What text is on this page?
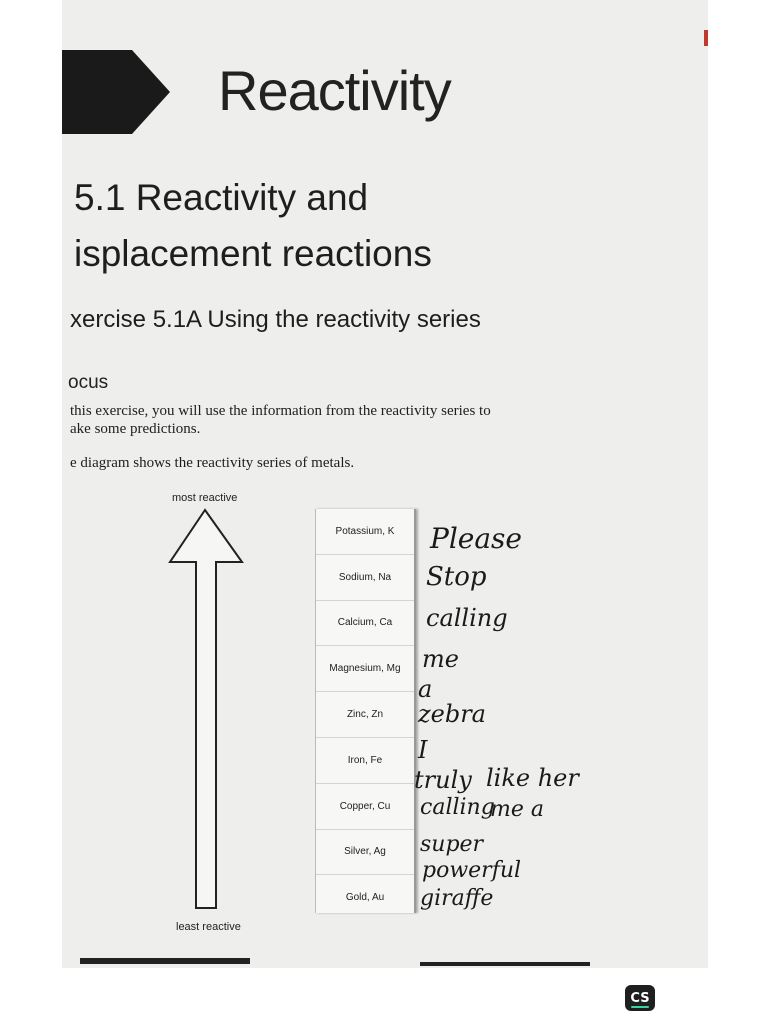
Reactivity
5.1 Reactivity and
isplacement reactions
xercise 5.1A Using the reactivity series
ocus

this exercise, you will use the information from the reactivity series to
ake some predictions.

e diagram shows the reactivity series of metals.

most reactive
least reactive
Potassium, K
Sodium, Na
Calcium, Ca
Magnesium, Mg
Zinc, Zn
Iron, Fe
Copper, Cu
Silver, Ag
Gold, Au
Please
Stop
calling
me
a
zebra
I
truly like her
calling
me a
super
powerful
giraffe
CS
